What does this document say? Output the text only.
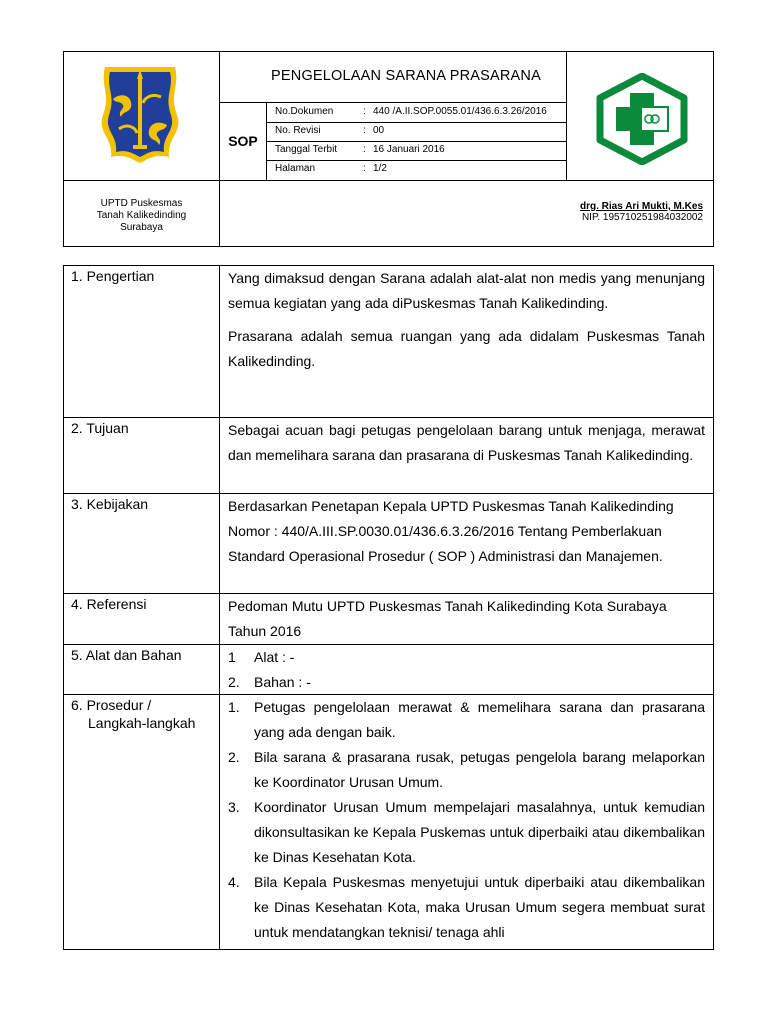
PENGELOLAAN SARANA PRASARANA
SOP
No.Dokumen	: 440 /A.II.SOP.0055.01/436.6.3.26/2016
No. Revisi	: 00
Tanggal Terbit	: 16 Januari 2016
Halaman	: 1/2
UPTD Puskesmas
Tanah Kalikedinding
Surabaya
drg. Rias Ari Mukti, M.Kes
NIP. 195710251984032002
1. Pengertian	Yang dimaksud dengan Sarana adalah alat-alat non medis yang menunjang semua kegiatan yang ada diPuskesmas Tanah Kalikedinding.

Prasarana adalah semua ruangan yang ada didalam Puskesmas Tanah Kalikedinding.

2. Tujuan	Sebagai acuan bagi petugas pengelolaan barang untuk menjaga, merawat dan memelihara sarana dan prasarana di Puskesmas Tanah Kalikedinding.

3. Kebijakan	Berdasarkan Penetapan Kepala UPTD Puskesmas Tanah Kalikedinding Nomor : 440/A.III.SP.0030.01/436.6.3.26/2016 Tentang Pemberlakuan Standard Operasional Prosedur ( SOP ) Administrasi dan Manajemen.

4. Referensi	Pedoman Mutu UPTD Puskesmas Tanah Kalikedinding Kota Surabaya Tahun 2016

5. Alat dan Bahan	1	Alat : -
2.	Bahan : -
6. Prosedur /
Langkah-langkah
1.	Petugas pengelolaan merawat & memelihara sarana dan prasarana yang ada dengan baik.
2.	Bila sarana & prasarana rusak, petugas pengelola barang melaporkan ke Koordinator Urusan Umum.
3.	Koordinator Urusan Umum mempelajari masalahnya, untuk kemudian dikonsultasikan ke Kepala Puskemas untuk diperbaiki atau dikembalikan ke Dinas Kesehatan Kota.
4.	Bila Kepala Puskesmas menyetujui untuk diperbaiki atau dikembalikan ke Dinas Kesehatan Kota, maka Urusan Umum segera membuat surat untuk mendatangkan teknisi/ tenaga ahli
